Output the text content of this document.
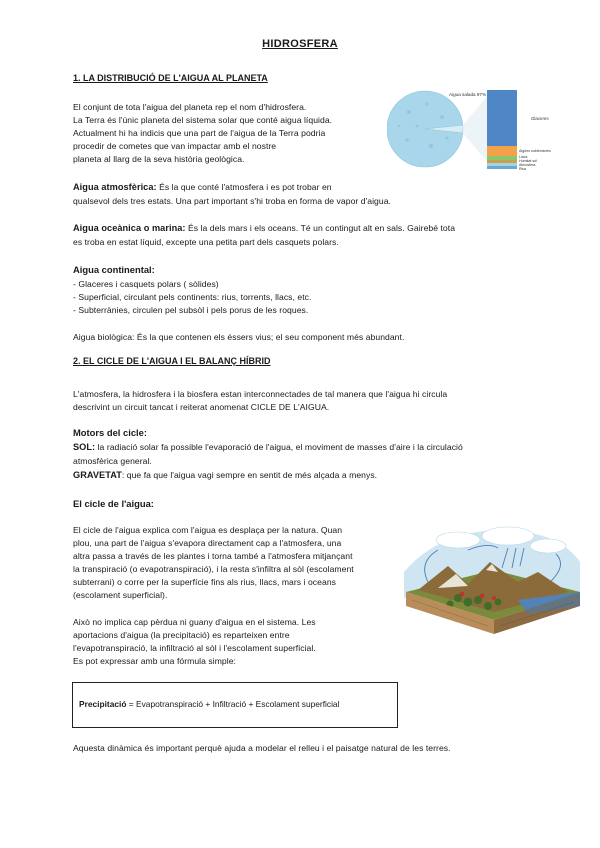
HIDROSFERA
1. LA DISTRIBUCIÓ DE L'AIGUA AL PLANETA
El conjunt de tota l'aigua del planeta rep el nom d'hidrosfera.
La Terra és l'únic planeta del sistema solar que conté aigua líquida.
Actualment hi ha indicis que una part de l'aigua de la Terra podria
procedir de cometes que van impactar amb el nostre
planeta al llarg de la seva història geològica.
Aigua salada 97%
Glaceres
Aigües subterrànies
Llacs
Humitat sòl
Atmosfera
Rius
Aigua atmosfèrica: És la que conté l'atmosfera i es pot trobar en
qualsevol dels tres estats. Una part important s'hi troba en forma de vapor d'aigua.
Aigua oceànica o marina: És la dels mars i els oceans. Té un contingut alt en sals. Gairebé tota
es troba en estat líquid, excepte una petita part dels casquets polars.
Aigua continental:
- Glaceres i casquets polars ( sòlides)
- Superficial, circulant pels continents: rius, torrents, llacs, etc.
- Subterrànies, circulen pel subsòl i pels porus de les roques.
Aigua biològica: És la que contenen els éssers vius; el seu component més abundant.
2. EL CICLE DE L'AIGUA I EL BALANÇ HÍBRID
L'atmosfera, la hidrosfera i la biosfera estan interconnectades de tal manera que l'aigua hi circula
descrivint un circuit tancat i reiterat anomenat CICLE DE L'AIGUA.
Motors del cicle:
SOL: la radiació solar fa possible l'evaporació de l'aigua, el moviment de masses d'aire i la circulació
atmosfèrica general.
GRAVETAT: que fa que l'aigua vagi sempre en sentit de més alçada a menys.
El cicle de l'aigua:
El cicle de l'aigua explica com l'aigua es desplaça per la natura. Quan
plou, una part de l'aigua s'evapora directament cap a l'atmosfera, una
altra passa a través de les plantes i torna també a l'atmosfera mitjançant
la transpiració (o evapotranspiració), i la resta s'infiltra al sòl (escolament
subterrani) o corre per la superfície fins als rius, llacs, mars i oceans
(escolament superficial).
Això no implica cap pèrdua ni guany d'aigua en el sistema. Les
aportacions d'aigua (la precipitació) es reparteixen entre
l'evapotranspiració, la infiltració al sòl i l'escolament superficial.
Es pot expressar amb una fórmula simple:
Precipitació = Evapotranspiració + Infiltració + Escolament superficial
Aquesta dinàmica és important perquè ajuda a modelar el relleu i el paisatge natural de les terres.
